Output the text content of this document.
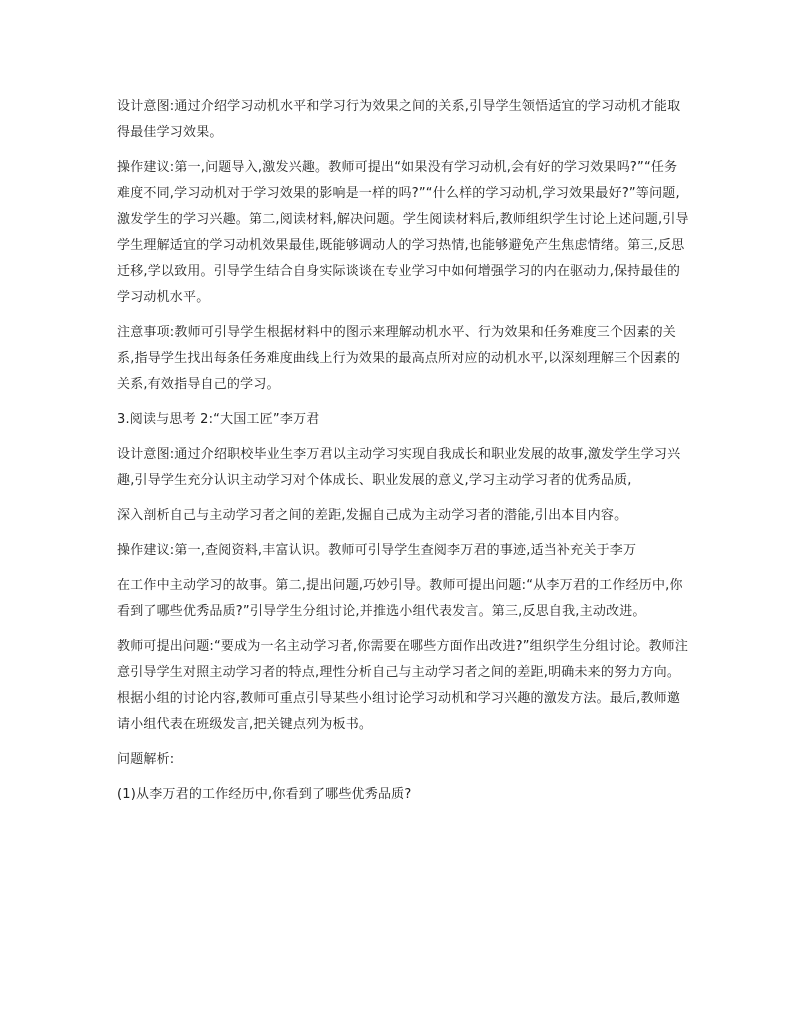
设计意图:通过介绍学习动机水平和学习行为效果之间的关系,引导学生领悟适宜的学习动机才能取得最佳学习效果。

操作建议:第一,问题导入,激发兴趣。教师可提出“如果没有学习动机,会有好的学习效果吗?”“任务难度不同,学习动机对于学习效果的影响是一样的吗?”“什么样的学习动机,学习效果最好?”等问题,激发学生的学习兴趣。第二,阅读材料,解决问题。学生阅读材料后,教师组织学生讨论上述问题,引导学生理解适宜的学习动机效果最佳,既能够调动人的学习热情,也能够避免产生焦虑情绪。第三,反思迁移,学以致用。引导学生结合自身实际谈谈在专业学习中如何增强学习的内在驱动力,保持最佳的学习动机水平。

注意事项:教师可引导学生根据材料中的图示来理解动机水平、行为效果和任务难度三个因素的关系,指导学生找出每条任务难度曲线上行为效果的最高点所对应的动机水平,以深刻理解三个因素的关系,有效指导自己的学习。

3.阅读与思考 2:“大国工匠”李万君

设计意图:通过介绍职校毕业生李万君以主动学习实现自我成长和职业发展的故事,激发学生学习兴趣,引导学生充分认识主动学习对个体成长、职业发展的意义,学习主动学习者的优秀品质,

深入剖析自己与主动学习者之间的差距,发掘自己成为主动学习者的潜能,引出本目内容。

操作建议:第一,查阅资料,丰富认识。教师可引导学生查阅李万君的事迹,适当补充关于李万

在工作中主动学习的故事。第二,提出问题,巧妙引导。教师可提出问题:“从李万君的工作经历中,你看到了哪些优秀品质?”引导学生分组讨论,并推选小组代表发言。第三,反思自我,主动改进。

教师可提出问题:“要成为一名主动学习者,你需要在哪些方面作出改进?”组织学生分组讨论。教师注意引导学生对照主动学习者的特点,理性分析自己与主动学习者之间的差距,明确未来的努力方向。根据小组的讨论内容,教师可重点引导某些小组讨论学习动机和学习兴趣的激发方法。最后,教师邀请小组代表在班级发言,把关键点列为板书。

问题解析:

(1)从李万君的工作经历中,你看到了哪些优秀品质?
